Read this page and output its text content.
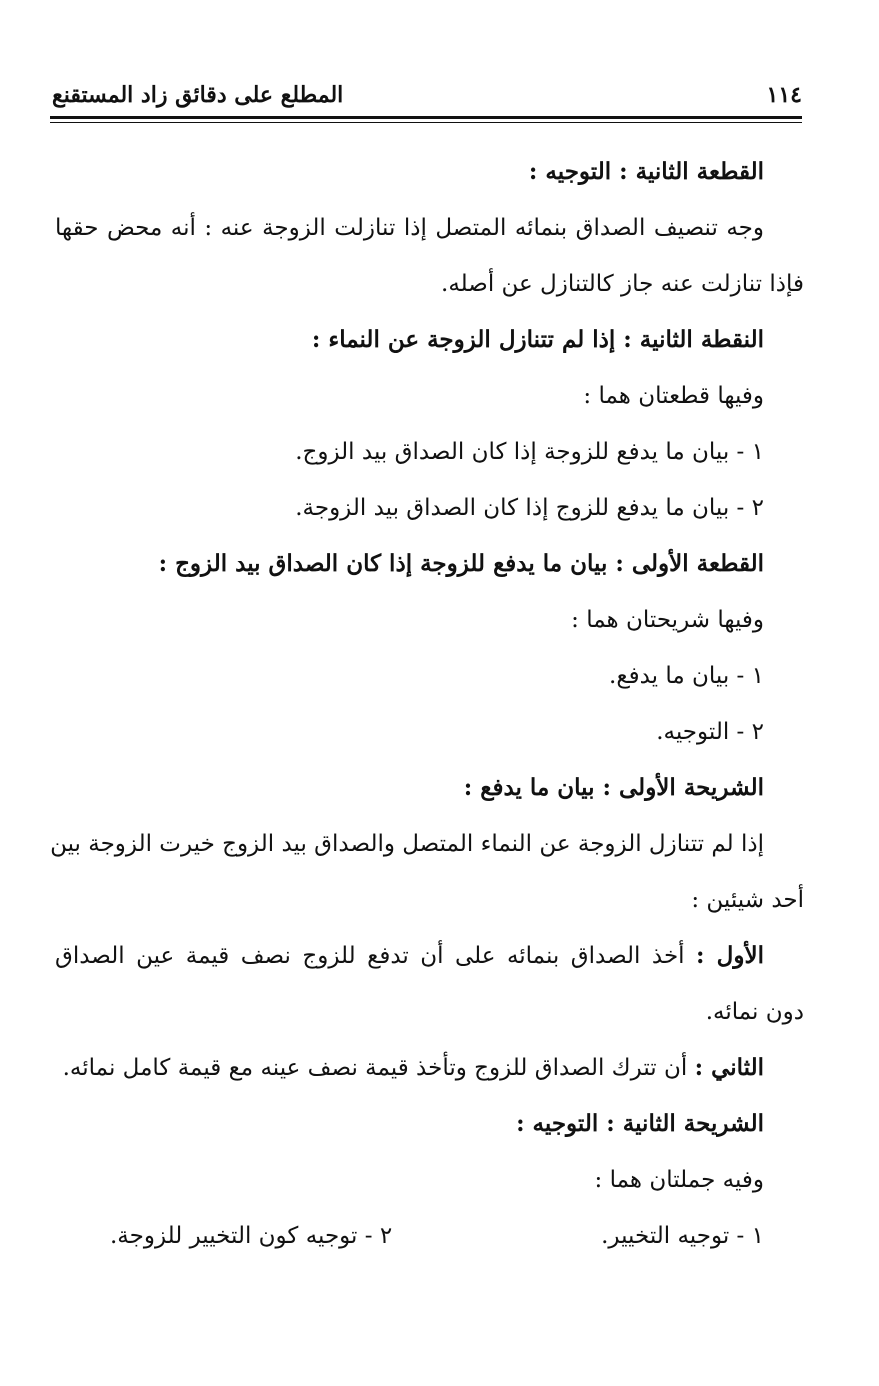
١١٤
المطلع على دقائق زاد المستقنع
القطعة الثانية : التوجيه :
وجه تنصيف الصداق بنمائه المتصل إذا تنازلت الزوجة عنه : أنه محض حقها
فإذا تنازلت عنه جاز كالتنازل عن أصله.
النقطة الثانية : إذا لم تتنازل الزوجة عن النماء :
وفيها قطعتان هما :
١ - بيان ما يدفع للزوجة إذا كان الصداق بيد الزوج.
٢ - بيان ما يدفع للزوج إذا كان الصداق بيد الزوجة.
القطعة الأولى : بيان ما يدفع للزوجة إذا كان الصداق بيد الزوج :
وفيها شريحتان هما :
١ - بيان ما يدفع.
٢ - التوجيه.
الشريحة الأولى : بيان ما يدفع :
إذا لم تتنازل الزوجة عن النماء المتصل والصداق بيد الزوج خيرت الزوجة بين
أحد شيئين :
الأول : أخذ الصداق بنمائه على أن تدفع للزوج نصف قيمة عين الصداق
دون نمائه.
الثاني : أن تترك الصداق للزوج وتأخذ قيمة نصف عينه مع قيمة كامل نمائه.
الشريحة الثانية : التوجيه :
وفيه جملتان هما :
١ - توجيه التخيير.
٢ - توجيه كون التخيير للزوجة.
